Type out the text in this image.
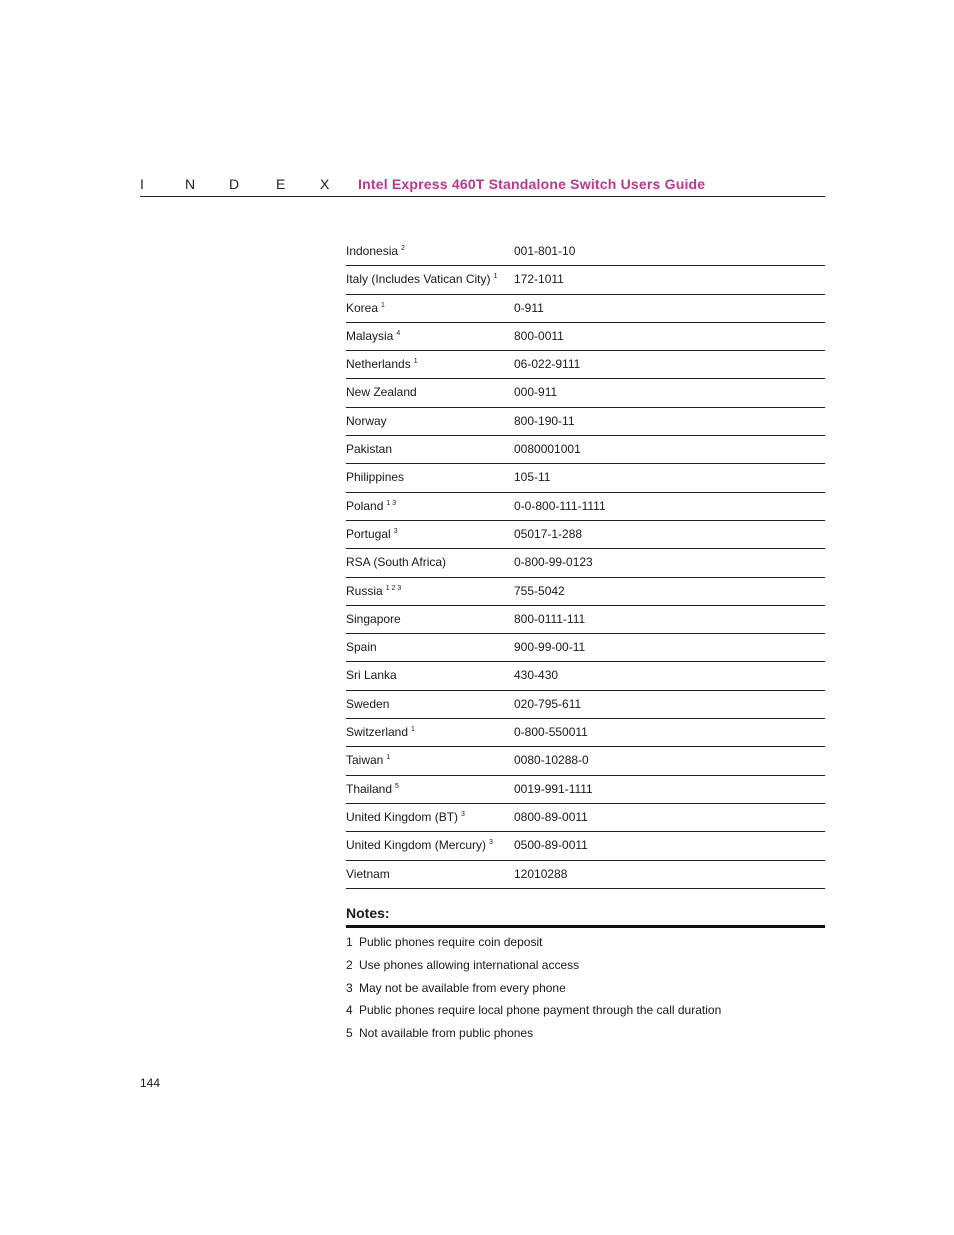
I	N D	E X Intel Express 460T Standalone Switch Users Guide
Indonesia $^2$	001-801-10
Italy (Includes Vatican City) $^1$ 172-1011
Korea $^1$	0-911
Malaysia $^4$	800-0011
Netherlands $^1$	06-022-9111
New Zealand	000-911
Norway	800-190-11
Pakistan	0080001001
Philippines	105-11
Poland $^{1 3}$	0-0-800-111-1111
Portugal $^3$	05017-1-288
RSA (South Africa)	0-800-99-0123
Russia $^{1 2 3}$	755-5042
Singapore	800-0111-111
Spain	900-99-00-11
Sri Lanka	430-430
Sweden	020-795-611
Switzerland $^1$	0-800-550011
Taiwan $^1$	0080-10288-0
Thailand $^5$	0019-991-1111
United Kingdom (BT) $^3$	0800-89-0011
United Kingdom (Mercury) $^3$ 0500-89-0011
Vietnam	12010288
Notes:
1 Public phones require coin deposit
2 Use phones allowing international access
3 May not be available from every phone
4 Public phones require local phone payment through the call duration
5 Not available from public phones
144
